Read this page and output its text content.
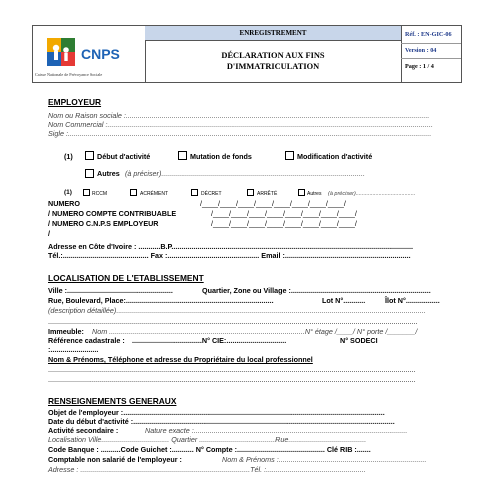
CNPS
Caisse Nationale de Prévoyance Sociale
ENREGISTREMENT
DÉCLARATION AUX FINS
D'IMMATRICULATION
Réf. : EN-GIC-06
Version : 04
Page : 1 / 4
EMPLOYEUR
Nom ou Raison sociale :........................................................................................................................................................
Nom Commercial :...................................................................................................................................................................
Sigle :......................................................................................................................................................................................
(1)	Début d'activité	Mutation de fonds	Modification d'activité
Autres (à préciser)......................................................................................................
(1)	RCCM	ACRÉMENT	DÉCRET	ARRÊTÉ	Autres (à préciser).......................................
NUMERO	/____/____/____/____/____/____/____/____/
/ NUMERO COMPTE CONTRIBUABLE	/____/____/____/____/____/____/____/____/
/ NUMERO C.N.P.S EMPLOYEUR	/____/____/____/____/____/____/____/____/
/
Adresse en Côte d'Ivoire : ...........B.P.........................................................................................................................
Tél.:........................................... Fax :.............................................. Email :...............................................................
LOCALISATION DE L'ETABLISSEMENT
Ville :.....................................................	Quartier, Zone ou Village :......................................................................
Rue, Boulevard, Place:..........................................................................	Lot N°...........	Îlot N°.................
(description détaillée)...........................................................................................................................................................
.........................................................................................................................................................................................
Immeuble: Nom ..................................................................................................N° étage /____/ N° porte /_______/
Référence cadastrale : ...................................N° CIE:..............................	N° SODECI
:........................
Nom & Prénoms, Téléphone et adresse du Propriétaire du local professionnel
........................................................................................................................................................................................
........................................................................................................................................................................................
RENSEIGNEMENTS GENERAUX
Objet de l'employeur :...................................................................................................................................
Date du début d'activité :...................................................................................................................................
Activité secondaire :	Nature exacte :...........................................................................................................
Localisation Ville.................................. Quartier ......................................Rue.......................................
Code Banque : ..........Code Guichet :........... N° Compte :............................................ Clé RIB :.......
Comptable non salarié de l'employeur :	Nom & Prénoms :..........................................................................
Adresse : .....................................................................................Tél. :..................................................
